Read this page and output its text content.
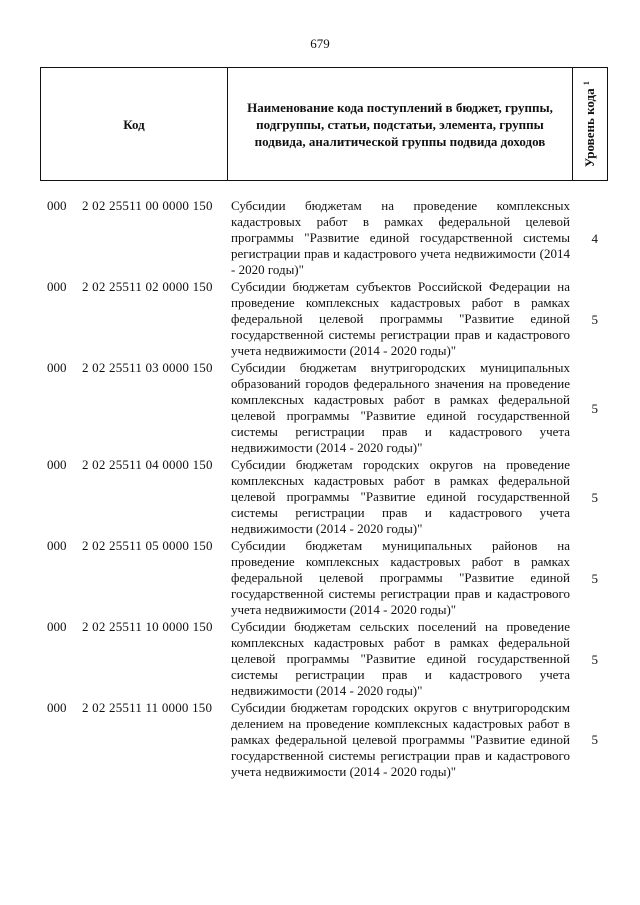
679
Код
Наименование кода поступлений в бюджет, группы, подгруппы, статьи, подстатьи, элемента, группы подвида, аналитической группы подвида доходов	Уровень кода $^1$
000 2 02 25511 00 0000 150 Субсидии бюджетам на проведение комплексных кадастровых работ в рамках федеральной целевой программы "Развитие единой государственной системы регистрации прав и кадастрового учета недвижимости (2014 - 2020 годы)"
4
000 2 02 25511 02 0000 150 Субсидии бюджетам субъектов Российской Федерации на проведение комплексных кадастровых работ в рамках федеральной целевой программы "Развитие единой государственной системы регистрации прав и кадастрового учета недвижимости (2014 - 2020 годы)"
5
000 2 02 25511 03 0000 150 Субсидии бюджетам внутригородских муниципальных образований городов федерального значения на проведение комплексных кадастровых работ в рамках федеральной целевой программы "Развитие единой государственной системы регистрации прав и кадастрового учета недвижимости (2014 - 2020 годы)"
5
000 2 02 25511 04 0000 150 Субсидии бюджетам городских округов на проведение комплексных кадастровых работ в рамках федеральной целевой программы "Развитие единой государственной системы регистрации прав и кадастрового учета недвижимости (2014 - 2020 годы)"
5
000 2 02 25511 05 0000 150 Субсидии бюджетам муниципальных районов на проведение комплексных кадастровых работ в рамках федеральной целевой программы "Развитие единой государственной системы регистрации прав и кадастрового учета недвижимости (2014 - 2020 годы)"
5
000 2 02 25511 10 0000 150 Субсидии бюджетам сельских поселений на проведение комплексных кадастровых работ в рамках федеральной целевой программы "Развитие единой государственной системы регистрации прав и кадастрового учета недвижимости (2014 - 2020 годы)"
5
000 2 02 25511 11 0000 150 Субсидии бюджетам городских округов с внутригородским делением на проведение комплексных кадастровых работ в рамках федеральной целевой программы "Развитие единой государственной системы регистрации прав и кадастрового учета недвижимости (2014 - 2020 годы)"
5
